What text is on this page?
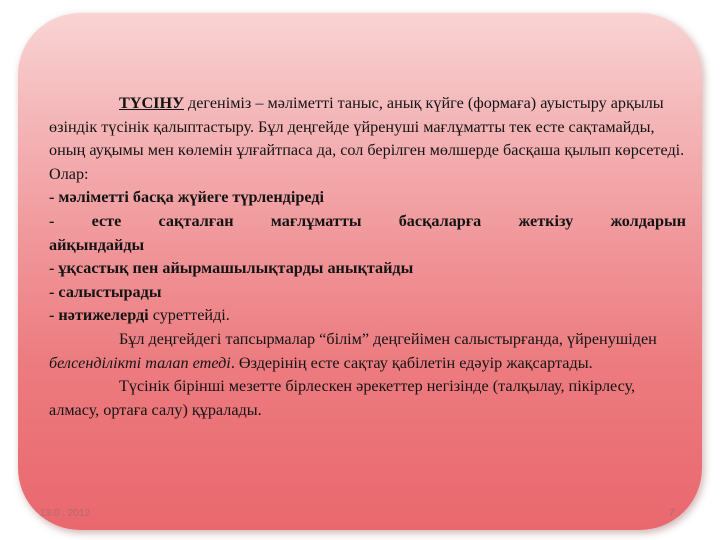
ТҮСІНУ дегеніміз – мәліметті таныс, анық күйге (формаға) ауыстыру арқылы өзіндік түсінік қалыптастыру. Бұл деңгейде үйренуші мағлұматты тек есте сақтамайды, оның ауқымы мен көлемін ұлғайтпаса да, сол берілген мөлшерде басқаша қылып көрсетеді. Олар:

- мәліметті басқа жүйеге түрлендіреді

- есте сақталған мағлұматты басқаларға жеткізу жолдарын

айқындайды

- ұқсастық пен айырмашылықтарды анықтайды

- салыстырады

- нәтижелерді суреттейді.

Бұл деңгейдегі тапсырмалар “білім” деңгейімен салыстырғанда, үйренушіден белсенділікті талап етеді. Өздерінің есте сақтау қабілетін едәуір жақсартады.

Түсінік бірінші мезетте бірлескен әрекеттер негізінде (талқылау, пікірлесу, алмасу, ортаға салу) құралады.

13.0 . 2012	7
